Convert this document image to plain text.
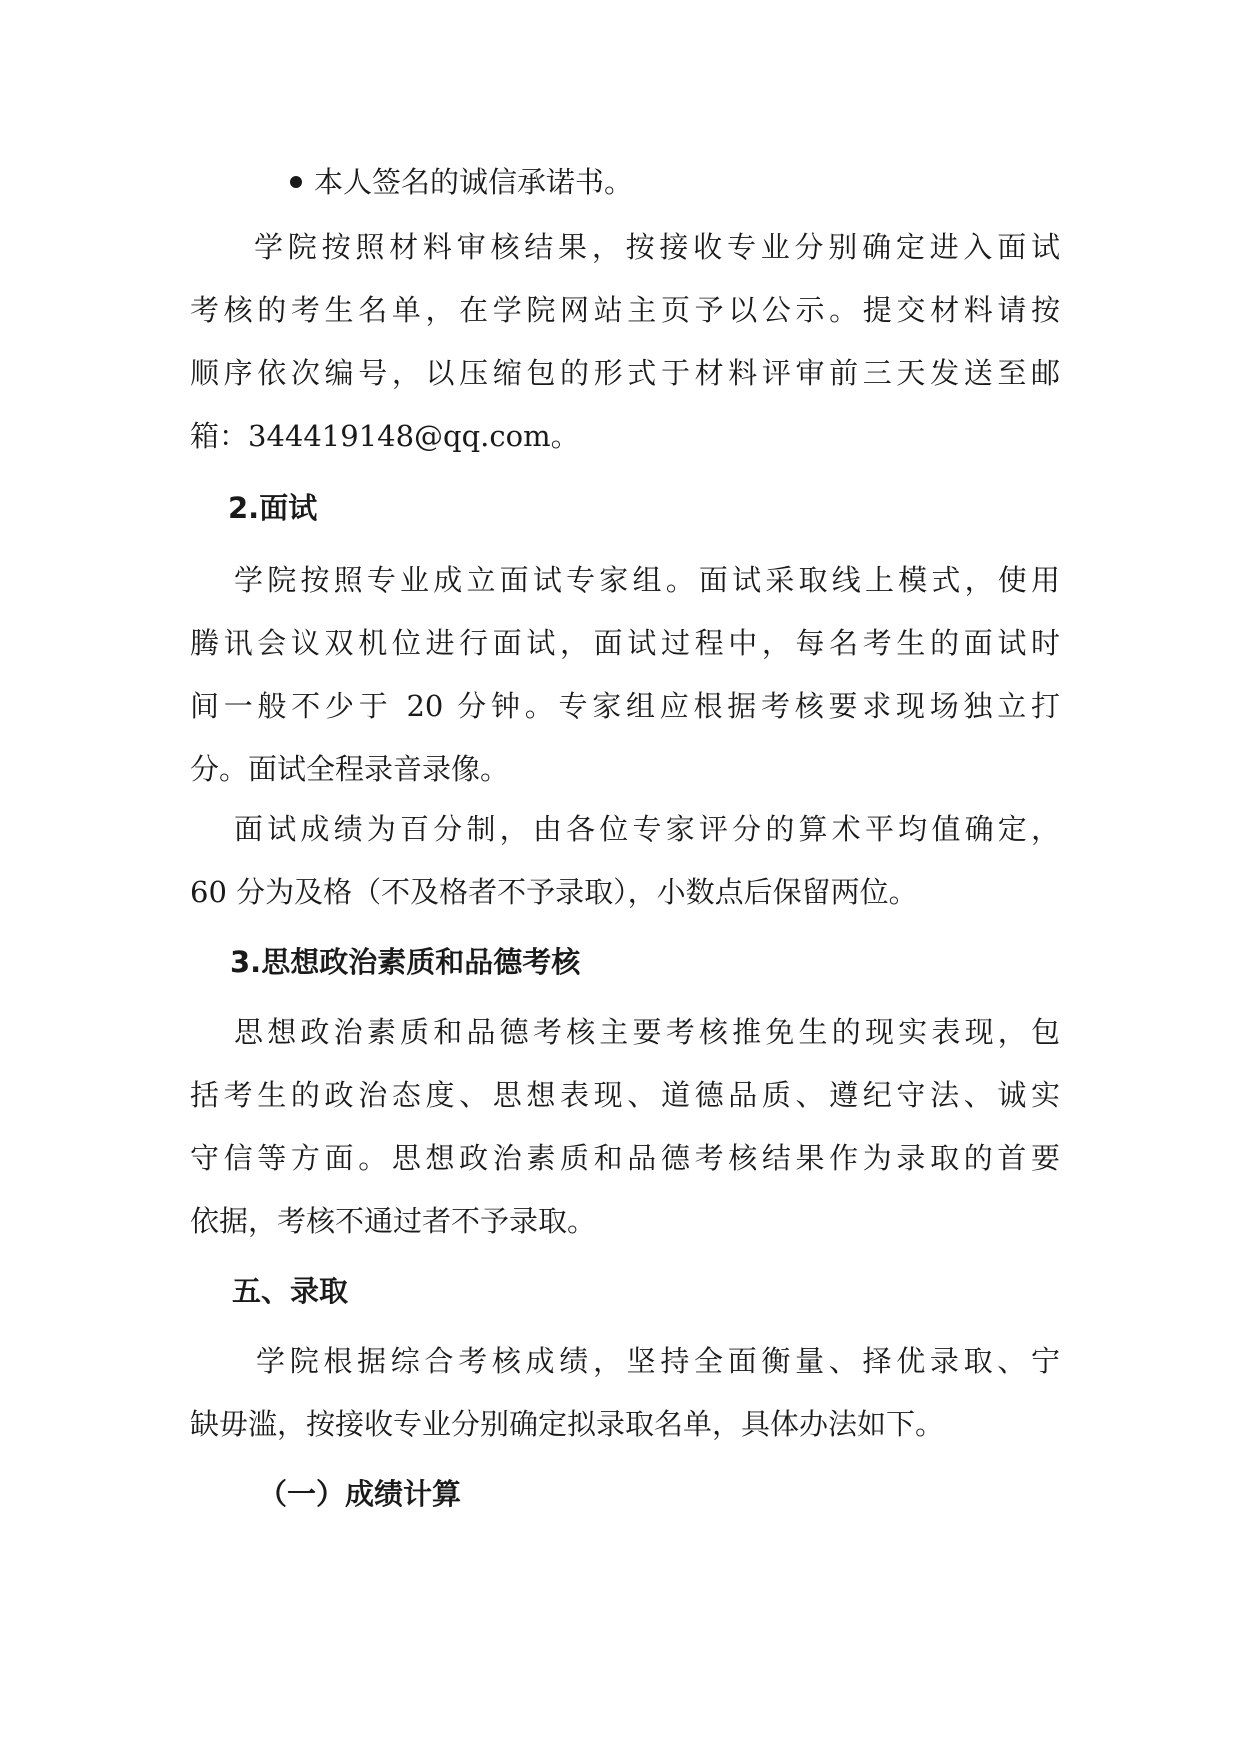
本人签名的诚信承诺书。
学院按照材料审核结果，按接收专业分别确定进入面试
考核的考生名单，在学院网站主页予以公示。提交材料请按
顺序依次编号，以压缩包的形式于材料评审前三天发送至邮
箱：344419148@qq.com。
2.面试
学院按照专业成立面试专家组。面试采取线上模式，使用
腾讯会议双机位进行面试，面试过程中，每名考生的面试时
间一般不少于 20 分钟。专家组应根据考核要求现场独立打
分。面试全程录音录像。
面试成绩为百分制，由各位专家评分的算术平均值确定，
60 分为及格（不及格者不予录取），小数点后保留两位。
3.思想政治素质和品德考核
思想政治素质和品德考核主要考核推免生的现实表现，包
括考生的政治态度、思想表现、道德品质、遵纪守法、诚实
守信等方面。思想政治素质和品德考核结果作为录取的首要
依据，考核不通过者不予录取。
五、录取
学院根据综合考核成绩，坚持全面衡量、择优录取、宁
缺毋滥，按接收专业分别确定拟录取名单，具体办法如下。
（一）成绩计算
